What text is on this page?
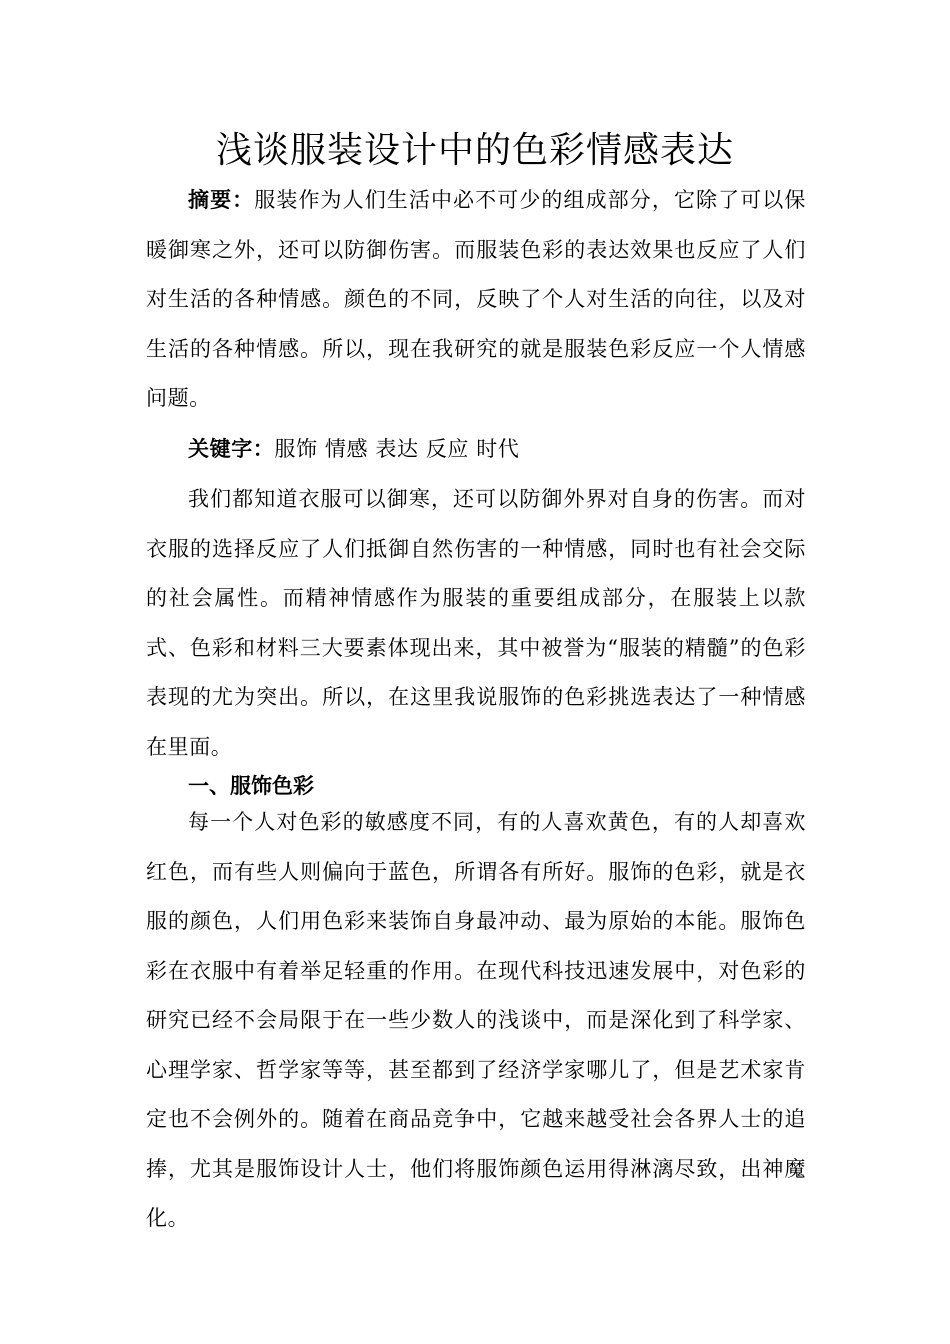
浅谈服装设计中的色彩情感表达

摘要：服装作为人们生活中必不可少的组成部分，它除了可以保暖御寒之外，还可以防御伤害。而服装色彩的表达效果也反应了人们对生活的各种情感。颜色的不同，反映了个人对生活的向往，以及对生活的各种情感。所以，现在我研究的就是服装色彩反应一个人情感问题。

关键字：服饰 情感 表达 反应 时代

我们都知道衣服可以御寒，还可以防御外界对自身的伤害。而对衣服的选择反应了人们抵御自然伤害的一种情感，同时也有社会交际的社会属性。而精神情感作为服装的重要组成部分，在服装上以款式、色彩和材料三大要素体现出来，其中被誉为“服装的精髓”的色彩表现的尤为突出。所以，在这里我说服饰的色彩挑选表达了一种情感在里面。

一、服饰色彩

每一个人对色彩的敏感度不同，有的人喜欢黄色，有的人却喜欢红色，而有些人则偏向于蓝色，所谓各有所好。服饰的色彩，就是衣服的颜色，人们用色彩来装饰自身最冲动、最为原始的本能。服饰色彩在衣服中有着举足轻重的作用。在现代科技迅速发展中，对色彩的研究已经不会局限于在一些少数人的浅谈中，而是深化到了科学家、心理学家、哲学家等等，甚至都到了经济学家哪儿了，但是艺术家肯定也不会例外的。随着在商品竞争中，它越来越受社会各界人士的追捧，尤其是服饰设计人士，他们将服饰颜色运用得淋漓尽致，出神魔化。
